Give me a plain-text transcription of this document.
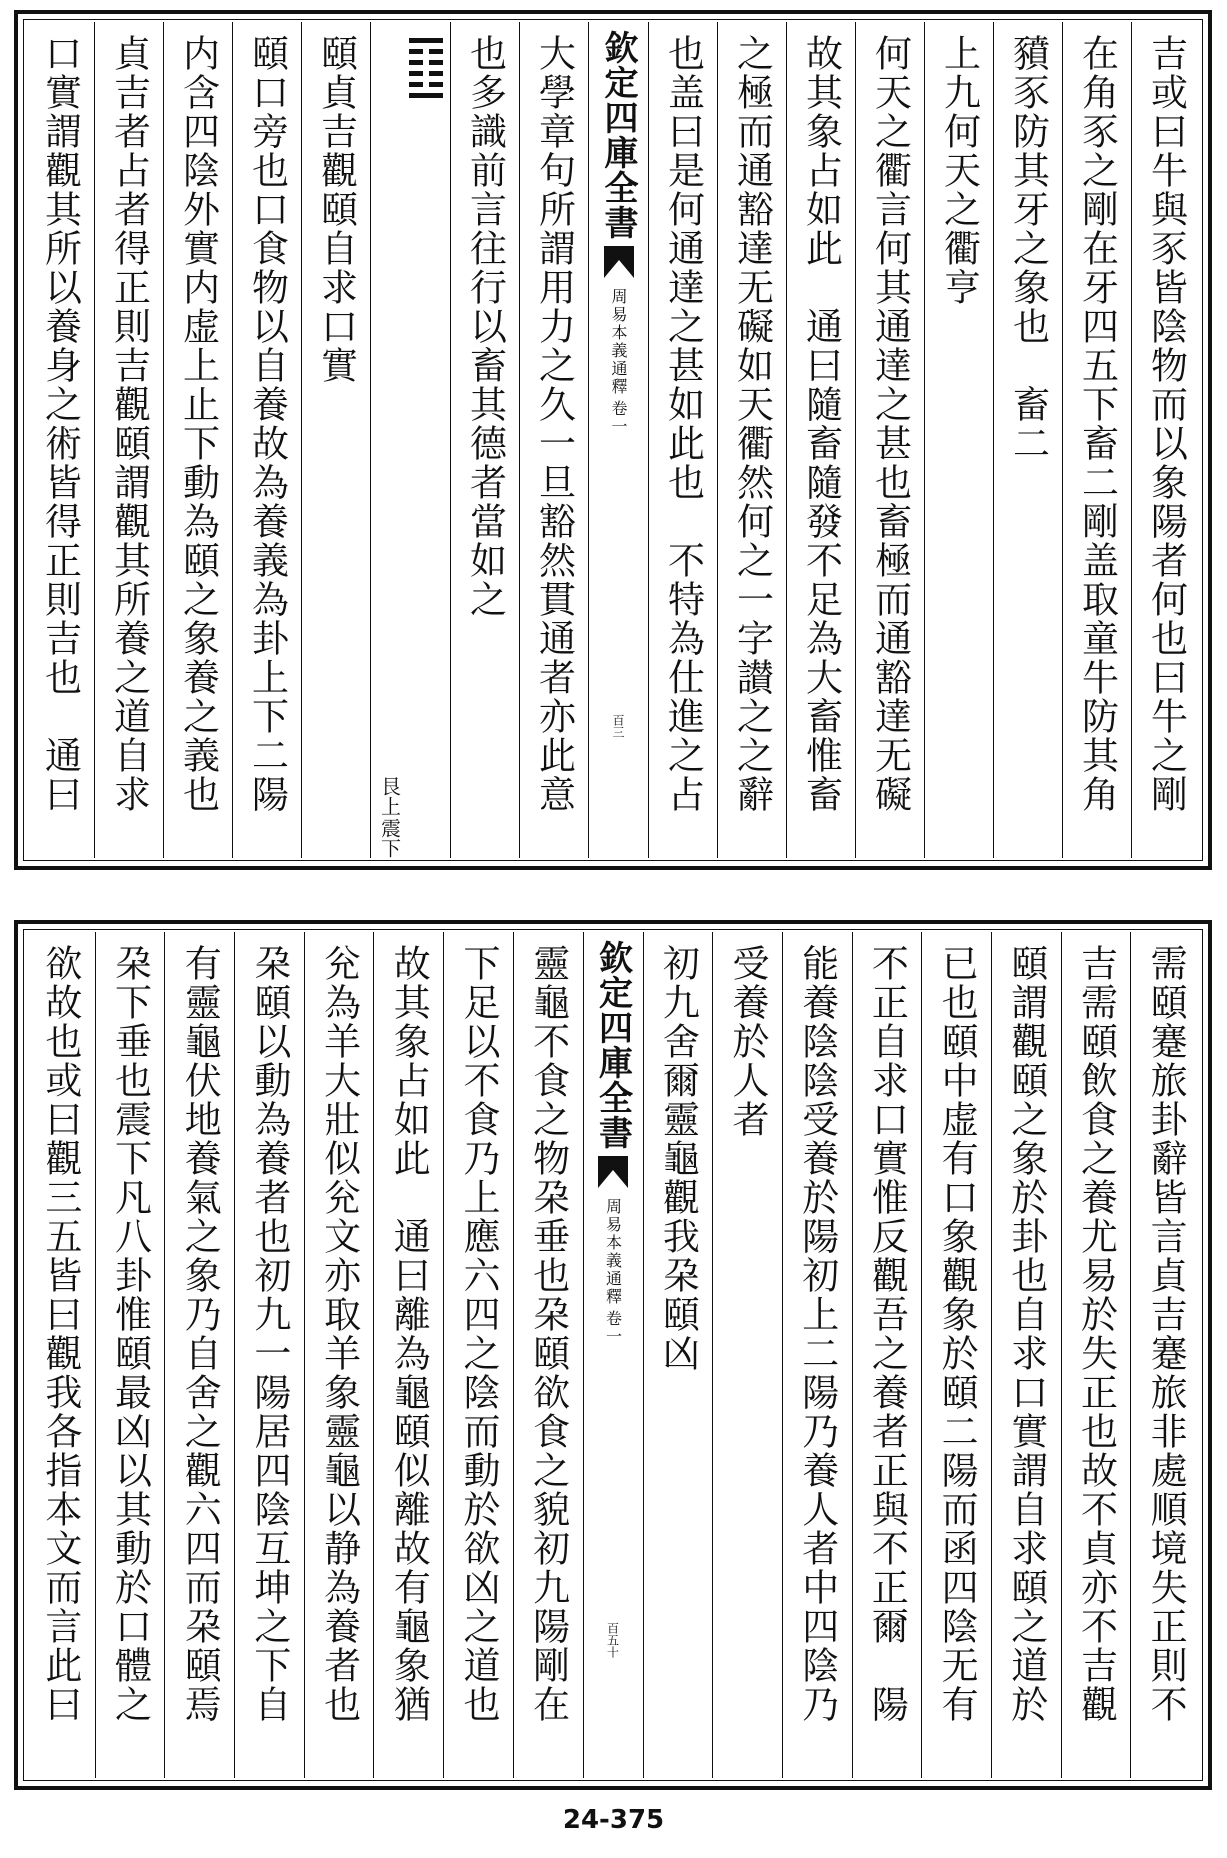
吉或曰牛與豕皆陰物而以象陽者何也曰牛之剛
在角豕之剛在牙四五下畜二剛盖取童牛防其角
豶豕防其牙之象也　畜二
上九何天之衢亨
何天之衢言何其通達之甚也畜極而通豁達无礙
故其象占如此　通曰隨畜隨發不足為大畜惟畜
之極而通豁達无礙如天衢然何之一字讃之之辭
也盖曰是何通達之甚如此也　不特為仕進之占
欽定四庫全書
周易本義通釋
卷一
百三
大學章句所謂用力之久一旦豁然貫通者亦此意
也多識前言往行以畜其德者當如之
震下
艮上
頤貞吉觀頤自求口實
頤口旁也口食物以自養故為養義為卦上下二陽
内含四陰外實内虚上止下動為頤之象養之義也
貞吉者占者得正則吉觀頤謂觀其所養之道自求
口實謂觀其所以養身之術皆得正則吉也　通曰
需頤蹇旅卦辭皆言貞吉蹇旅非處順境失正則不
吉需頤飲食之養尤易於失正也故不貞亦不吉觀
頤謂觀頤之象於卦也自求口實謂自求頤之道於
已也頤中虚有口象觀象於頤二陽而函四陰无有
不正自求口實惟反觀吾之養者正與不正爾　陽
能養陰陰受養於陽初上二陽乃養人者中四陰乃
受養於人者
初九舍爾靈龜觀我朶頤凶
欽定四庫全書
周易本義通釋
卷一
百五十
靈龜不食之物朶垂也朶頤欲食之貌初九陽剛在
下足以不食乃上應六四之陰而動於欲凶之道也
故其象占如此　通曰離為龜頤似離故有龜象猶
兊為羊大壯似兊文亦取羊象靈龜以静為養者也
朶頤以動為養者也初九一陽居四陰互坤之下自
有靈龜伏地養氣之象乃自舍之觀六四而朶頤焉
朶下垂也震下凡八卦惟頤最凶以其動於口體之
欲故也或曰觀三五皆曰觀我各指本文而言此曰
24-375
